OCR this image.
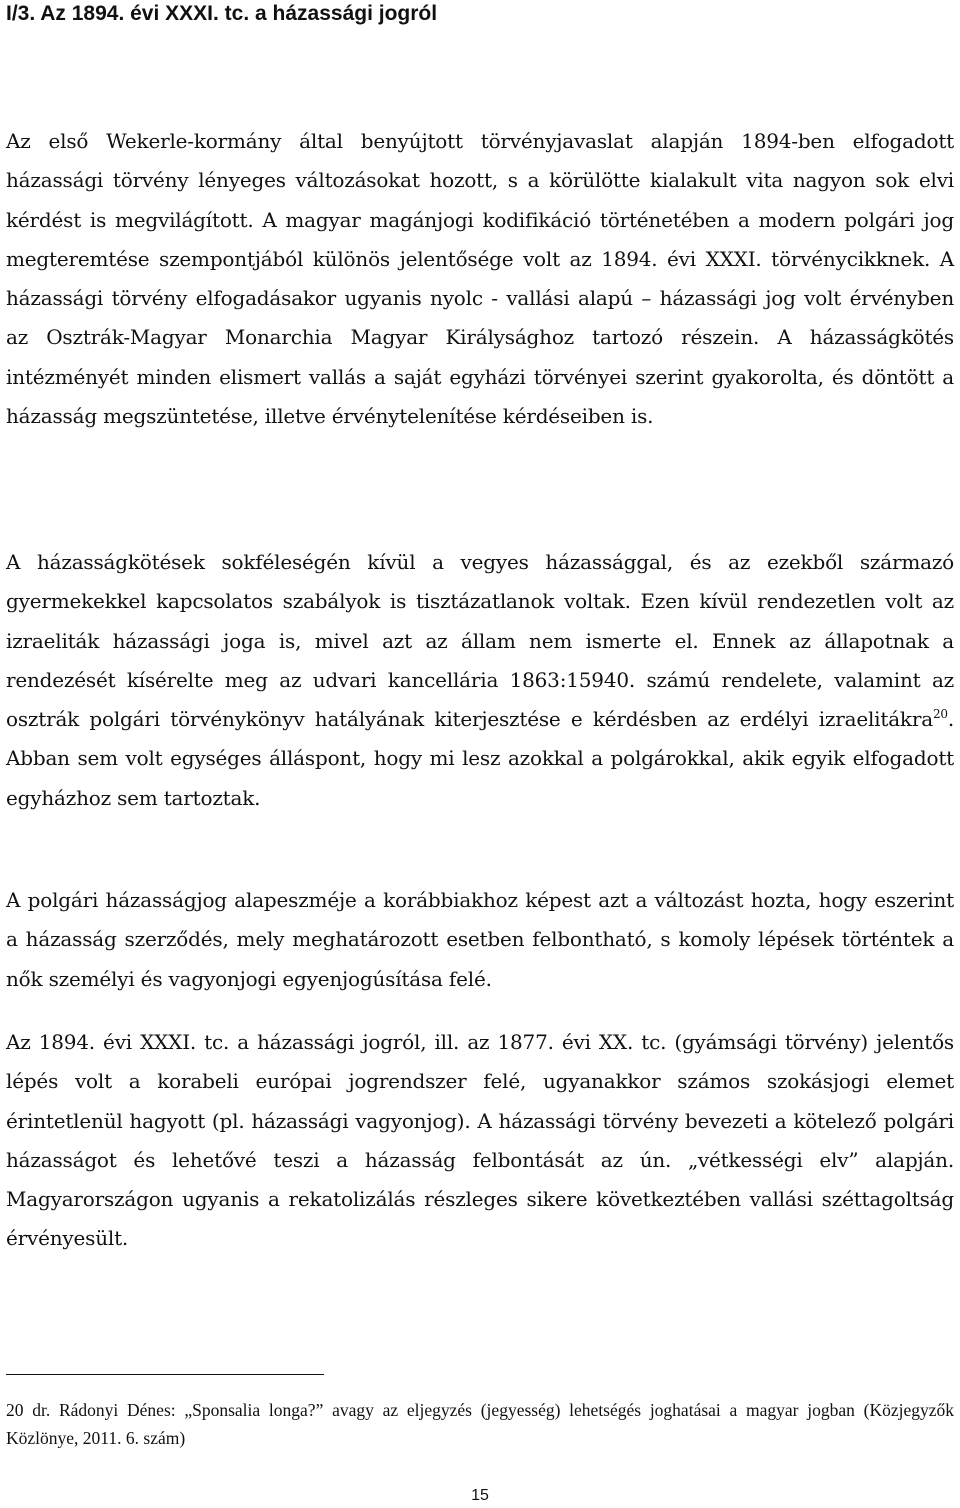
I/3. Az 1894. évi XXXI. tc. a házassági jogról

Az első Wekerle-kormány által benyújtott törvényjavaslat alapján 1894-ben elfogadott házassági törvény lényeges változásokat hozott, s a körülötte kialakult vita nagyon sok elvi kérdést is megvilágított. A magyar magánjogi kodifikáció történetében a modern polgári jog megteremtése szempontjából különös jelentősége volt az 1894. évi XXXI. törvénycikknek. A házassági törvény elfogadásakor ugyanis nyolc - vallási alapú – házassági jog volt érvényben az Osztrák-Magyar Monarchia Magyar Királysághoz tartozó részein. A házasságkötés intézményét minden elismert vallás a saját egyházi törvényei szerint gyakorolta, és döntött a házasság megszüntetése, illetve érvénytelenítése kérdéseiben is.

A házasságkötések sokféleségén kívül a vegyes házassággal, és az ezekből származó gyermekekkel kapcsolatos szabályok is tisztázatlanok voltak. Ezen kívül rendezetlen volt az izraeliták házassági joga is, mivel azt az állam nem ismerte el. Ennek az állapotnak a rendezését kísérelte meg az udvari kancellária 1863:15940. számú rendelete, valamint az osztrák polgári törvénykönyv hatályának kiterjesztése e kérdésben az erdélyi izraelitákra$^{20}$. Abban sem volt egységes álláspont, hogy mi lesz azokkal a polgárokkal, akik egyik elfogadott egyházhoz sem tartoztak.

A polgári házasságjog alapeszméje a korábbiakhoz képest azt a változást hozta, hogy eszerint a házasság szerződés, mely meghatározott esetben felbontható, s komoly lépések történtek a nők személyi és vagyonjogi egyenjogúsítása felé.

Az 1894. évi XXXI. tc. a házassági jogról, ill. az 1877. évi XX. tc. (gyámsági törvény) jelentős lépés volt a korabeli európai jogrendszer felé, ugyanakkor számos szokásjogi elemet érintetlenül hagyott (pl. házassági vagyonjog). A házassági törvény bevezeti a kötelező polgári házasságot és lehetővé teszi a házasság felbontását az ún. „vétkességi elv” alapján. Magyarországon ugyanis a rekatolizálás részleges sikere következtében vallási széttagoltság érvényesült.

20 dr. Rádonyi Dénes: „Sponsalia longa?” avagy az eljegyzés (jegyesség) lehetségés joghatásai a magyar jogban (Közjegyzők Közlönye, 2011. 6. szám)

15
